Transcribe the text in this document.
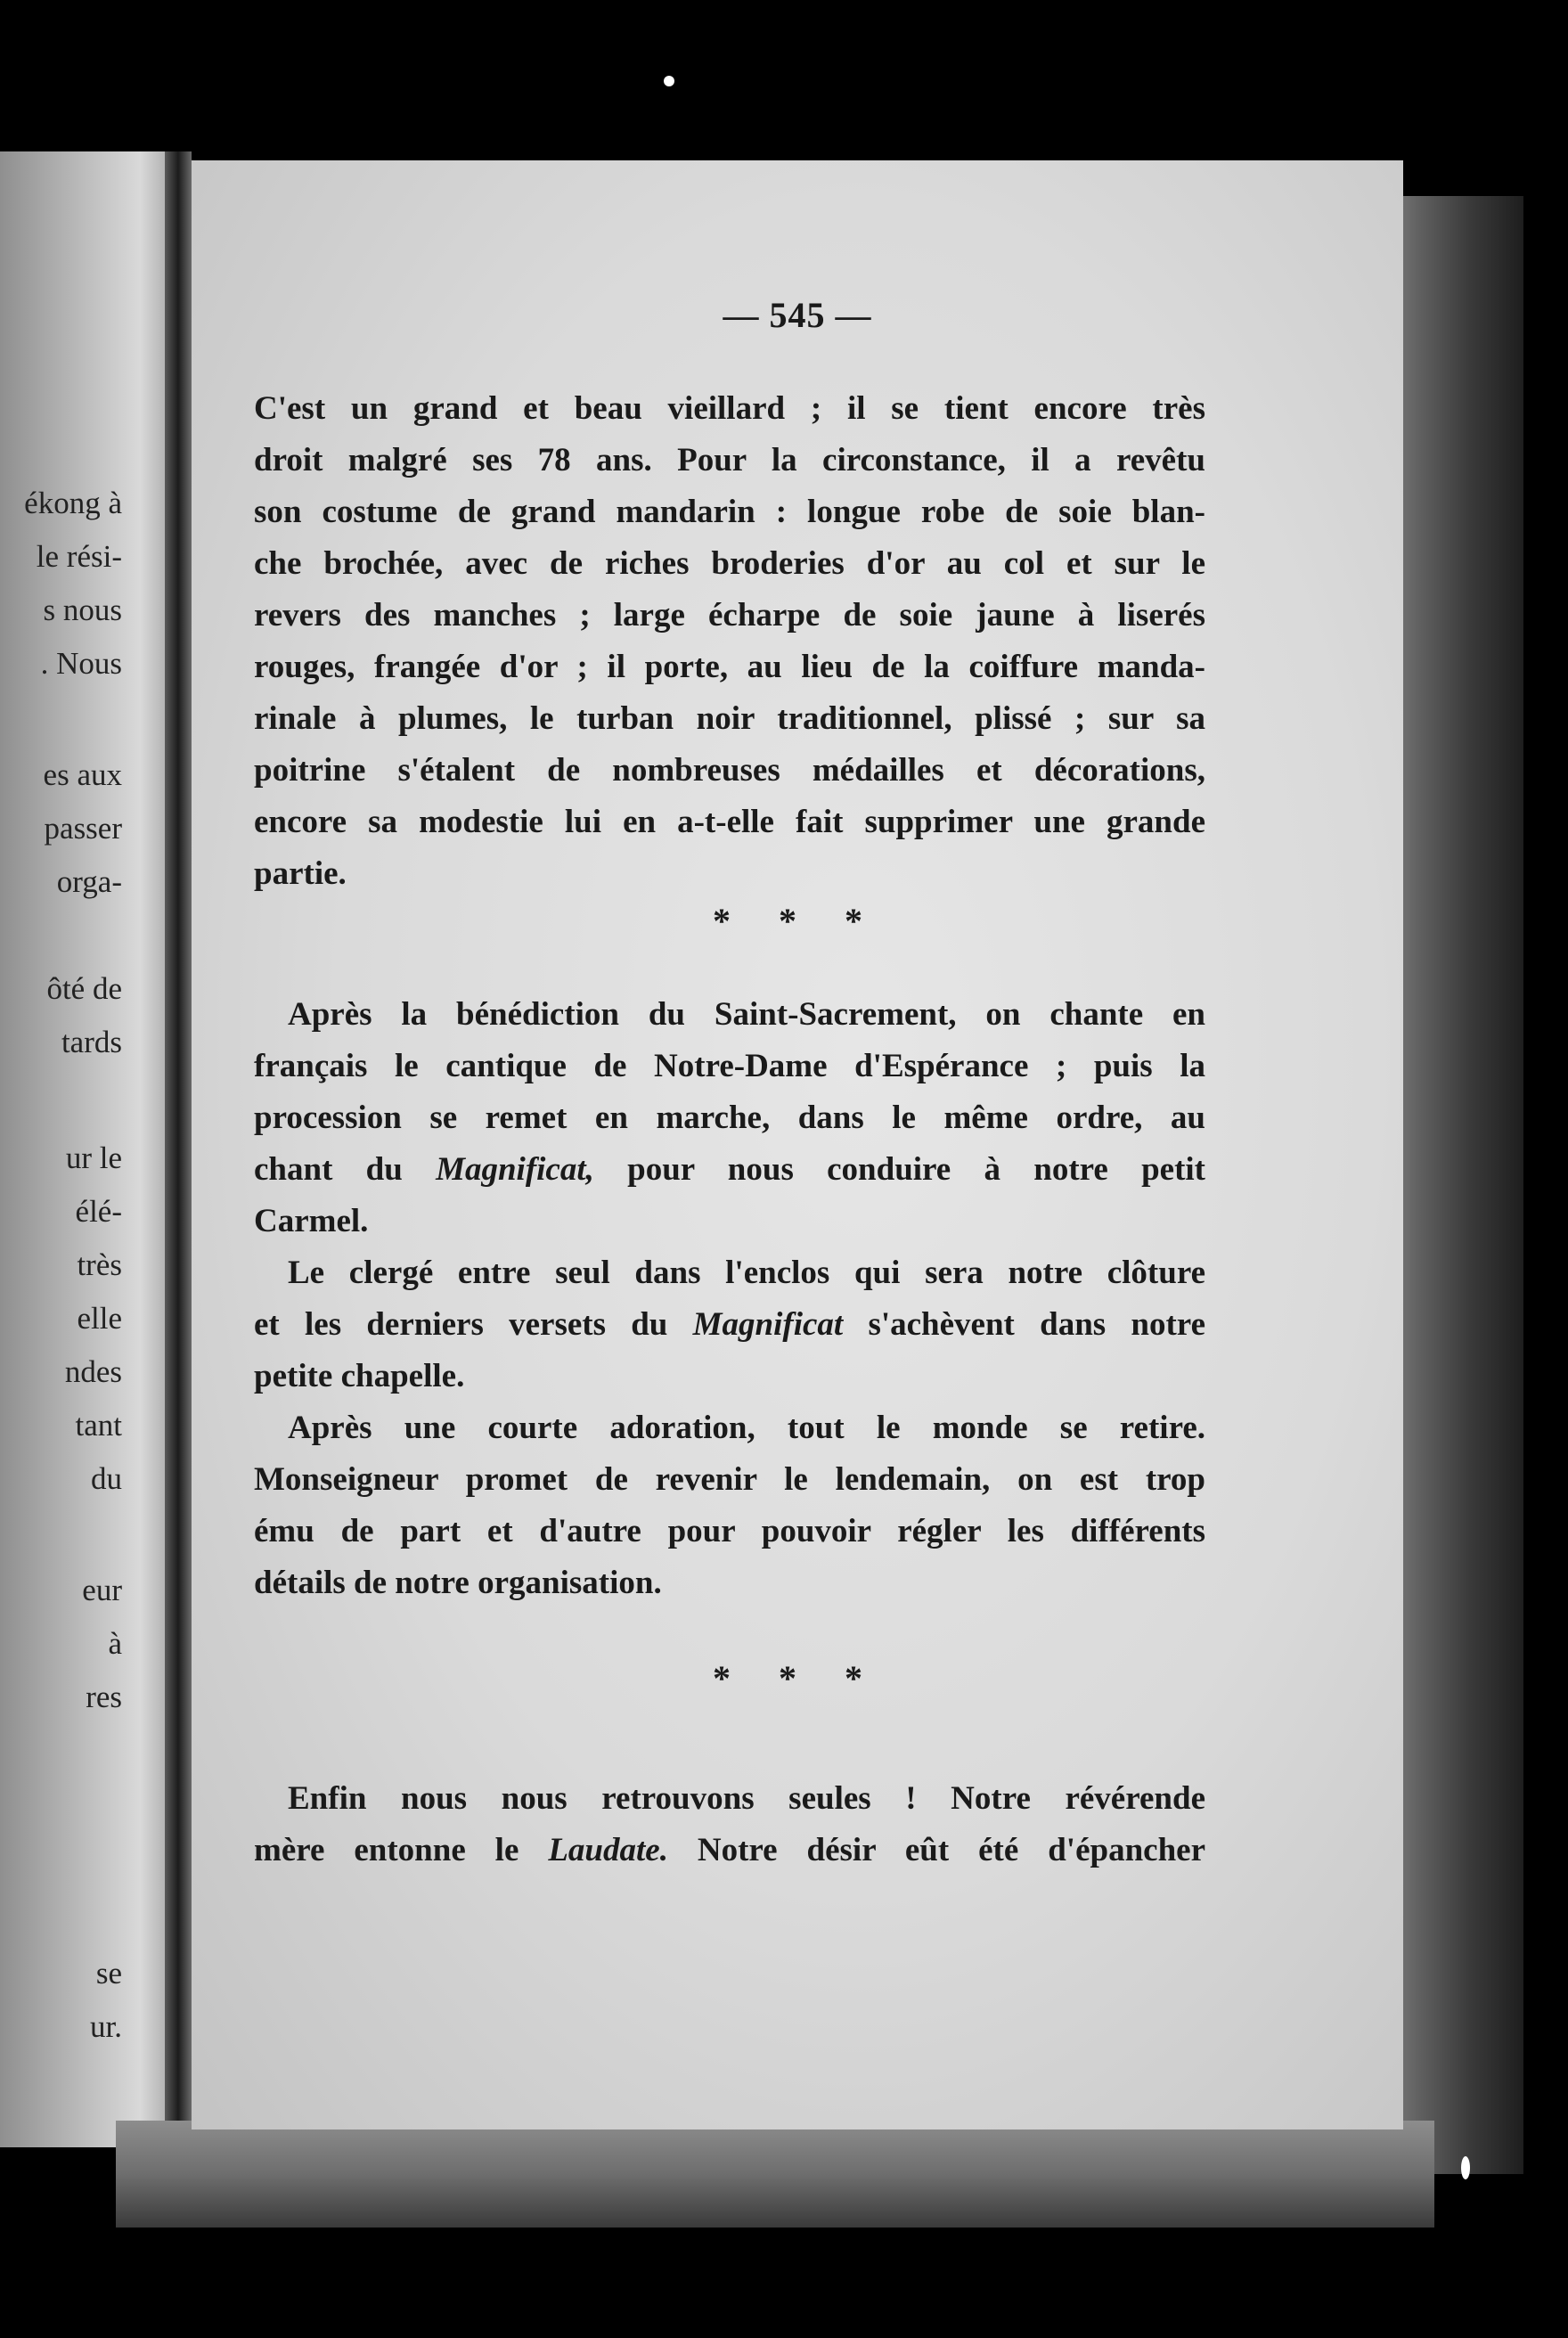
ékong à
le rési-
s nous
. Nous
es aux
passer
orga-
ôté de
tards
ur le
élé-
très
elle
ndes
tant
du
eur
à
res
se
ur.
— 545 —
C'est un grand et beau vieillard ; il se tient encore très
droit malgré ses 78 ans. Pour la circonstance, il a revêtu
son costume de grand mandarin : longue robe de soie blan-
che brochée, avec de riches broderies d'or au col et sur le
revers des manches ; large écharpe de soie jaune à liserés
rouges, frangée d'or ; il porte, au lieu de la coiffure manda-
rinale à plumes, le turban noir traditionnel, plissé ; sur sa
poitrine s'étalent de nombreuses médailles et décorations,
encore sa modestie lui en a-t-elle fait supprimer une grande
partie.
* * *
Après la bénédiction du Saint-Sacrement, on chante en
français le cantique de Notre-Dame d'Espérance ; puis la
procession se remet en marche, dans le même ordre, au
chant du Magnificat, pour nous conduire à notre petit
Carmel.
Le clergé entre seul dans l'enclos qui sera notre clôture
et les derniers versets du Magnificat s'achèvent dans notre
petite chapelle.
Après une courte adoration, tout le monde se retire.
Monseigneur promet de revenir le lendemain, on est trop
ému de part et d'autre pour pouvoir régler les différents
détails de notre organisation.
* * *
Enfin nous nous retrouvons seules ! Notre révérende
mère entonne le Laudate. Notre désir eût été d'épancher
